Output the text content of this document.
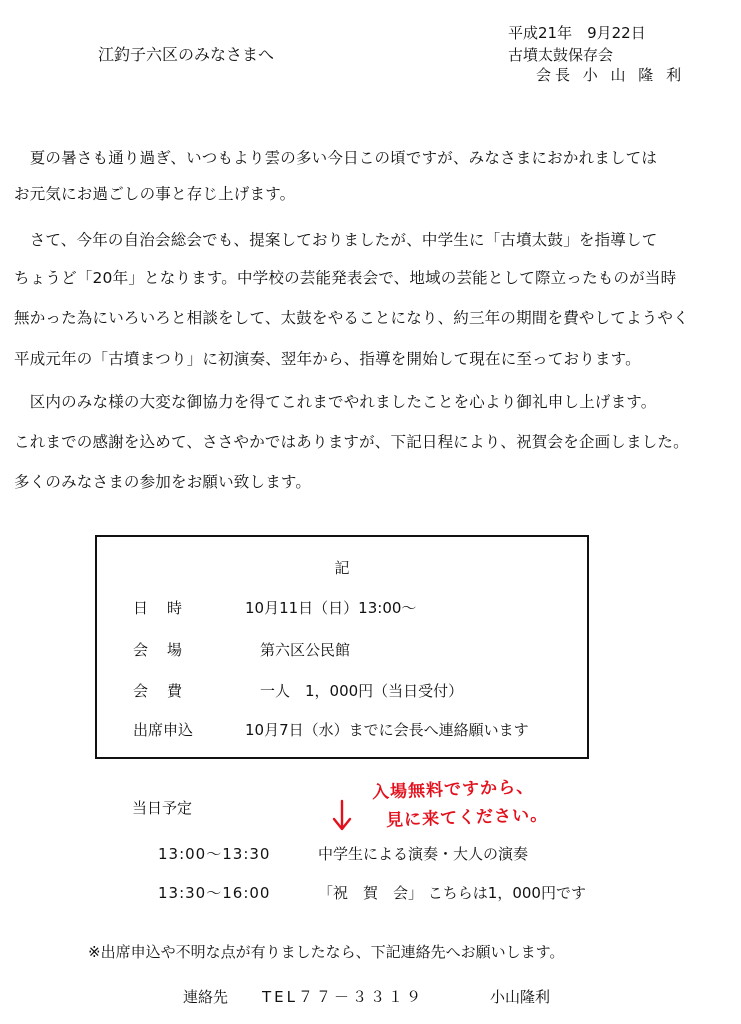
江釣子六区のみなさまへ
平成21年　9月22日
古墳太鼓保存会
会長 小 山 隆 利
　夏の暑さも通り過ぎ、いつもより雲の多い今日この頃ですが、みなさまにおかれましては
お元気にお過ごしの事と存じ上げます。
　さて、今年の自治会総会でも、提案しておりましたが、中学生に「古墳太鼓」を指導して
ちょうど「20年」となります。中学校の芸能発表会で、地域の芸能として際立ったものが当時
無かった為にいろいろと相談をして、太鼓をやることになり、約三年の期間を費やしてようやく
平成元年の「古墳まつり」に初演奏、翌年から、指導を開始して現在に至っております。
　区内のみな様の大変な御協力を得てこれまでやれましたことを心より御礼申し上げます。
これまでの感謝を込めて、ささやかではありますが、下記日程により、祝賀会を企画しました。
多くのみなさまの参加をお願い致します。
記
日　時	10月11日（日）13:00～
会　場	　第六区公民館
会　費	　一人　1，000円（当日受付）
出席申込	10月7日（水）までに会長へ連絡願います
入場無料ですから、
見に来てください。
当日予定
13:00～13:30	中学生による演奏・大人の演奏
13:30～16:00	「祝　賀　会」 こちらは1，000円です
※出席申込や不明な点が有りましたなら、下記連絡先へお願いします。
連絡先 TEL７７－３３１９	小山隆利
